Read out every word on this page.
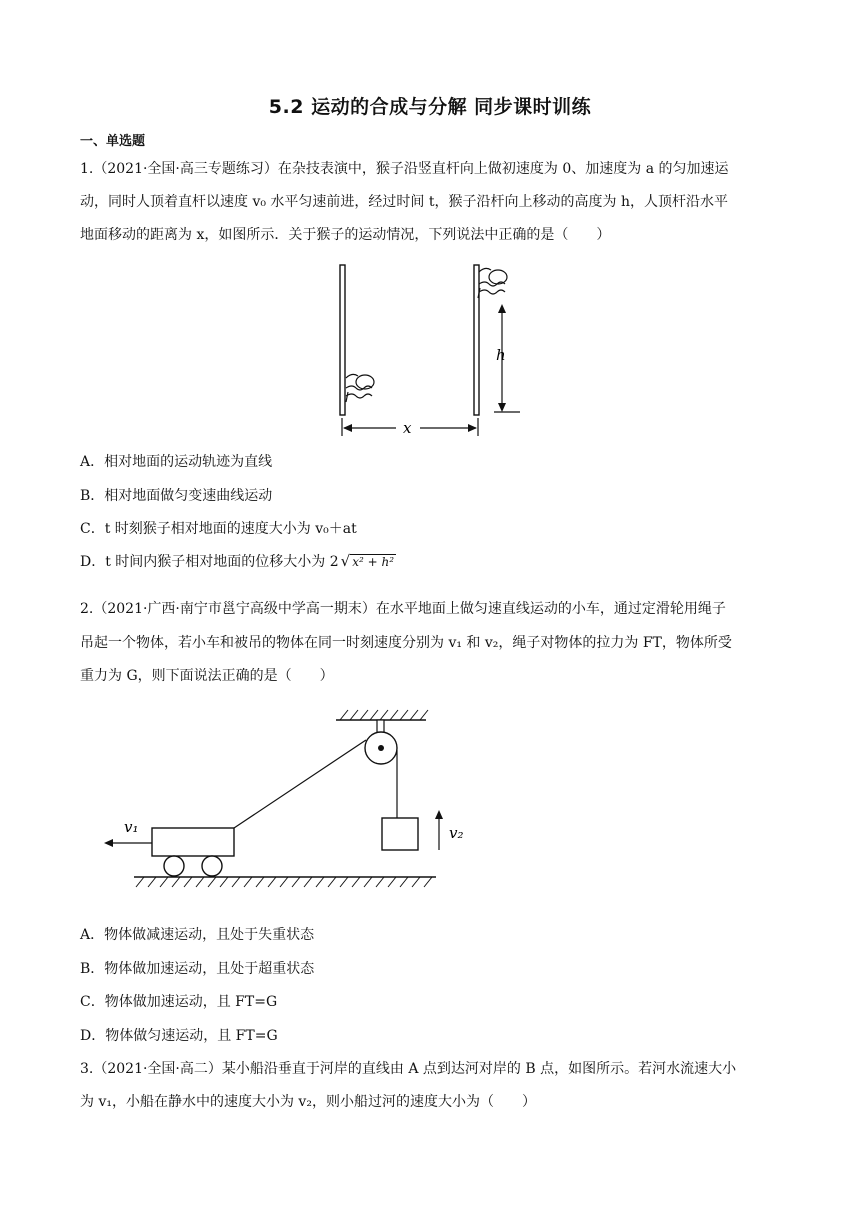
5.2 运动的合成与分解 同步课时训练
一、单选题
1.（2021·全国·高三专题练习）在杂技表演中，猴子沿竖直杆向上做初速度为 0、加速度为 a 的匀加速运
动，同时人顶着直杆以速度 v₀ 水平匀速前进，经过时间 t，猴子沿杆向上移动的高度为 h，人顶杆沿水平
地面移动的距离为 x，如图所示．关于猴子的运动情况，下列说法中正确的是（　　）
h
x
A．相对地面的运动轨迹为直线
B．相对地面做匀变速曲线运动
C．t 时刻猴子相对地面的速度大小为 v₀＋at
D．t 时间内猴子相对地面的位移大小为 2 √ x² + h²
2.（2021·广西·南宁市邕宁高级中学高一期末）在水平地面上做匀速直线运动的小车，通过定滑轮用绳子
吊起一个物体，若小车和被吊的物体在同一时刻速度分别为 v₁ 和 v₂，绳子对物体的拉力为 FT，物体所受
重力为 G，则下面说法正确的是（　　）
v₂
v₁
A．物体做减速运动，且处于失重状态
B．物体做加速运动，且处于超重状态
C．物体做加速运动，且 FT=G
D．物体做匀速运动，且 FT=G
3.（2021·全国·高二）某小船沿垂直于河岸的直线由 A 点到达河对岸的 B 点，如图所示。若河水流速大小
为 v₁，小船在静水中的速度大小为 v₂，则小船过河的速度大小为（　　）
